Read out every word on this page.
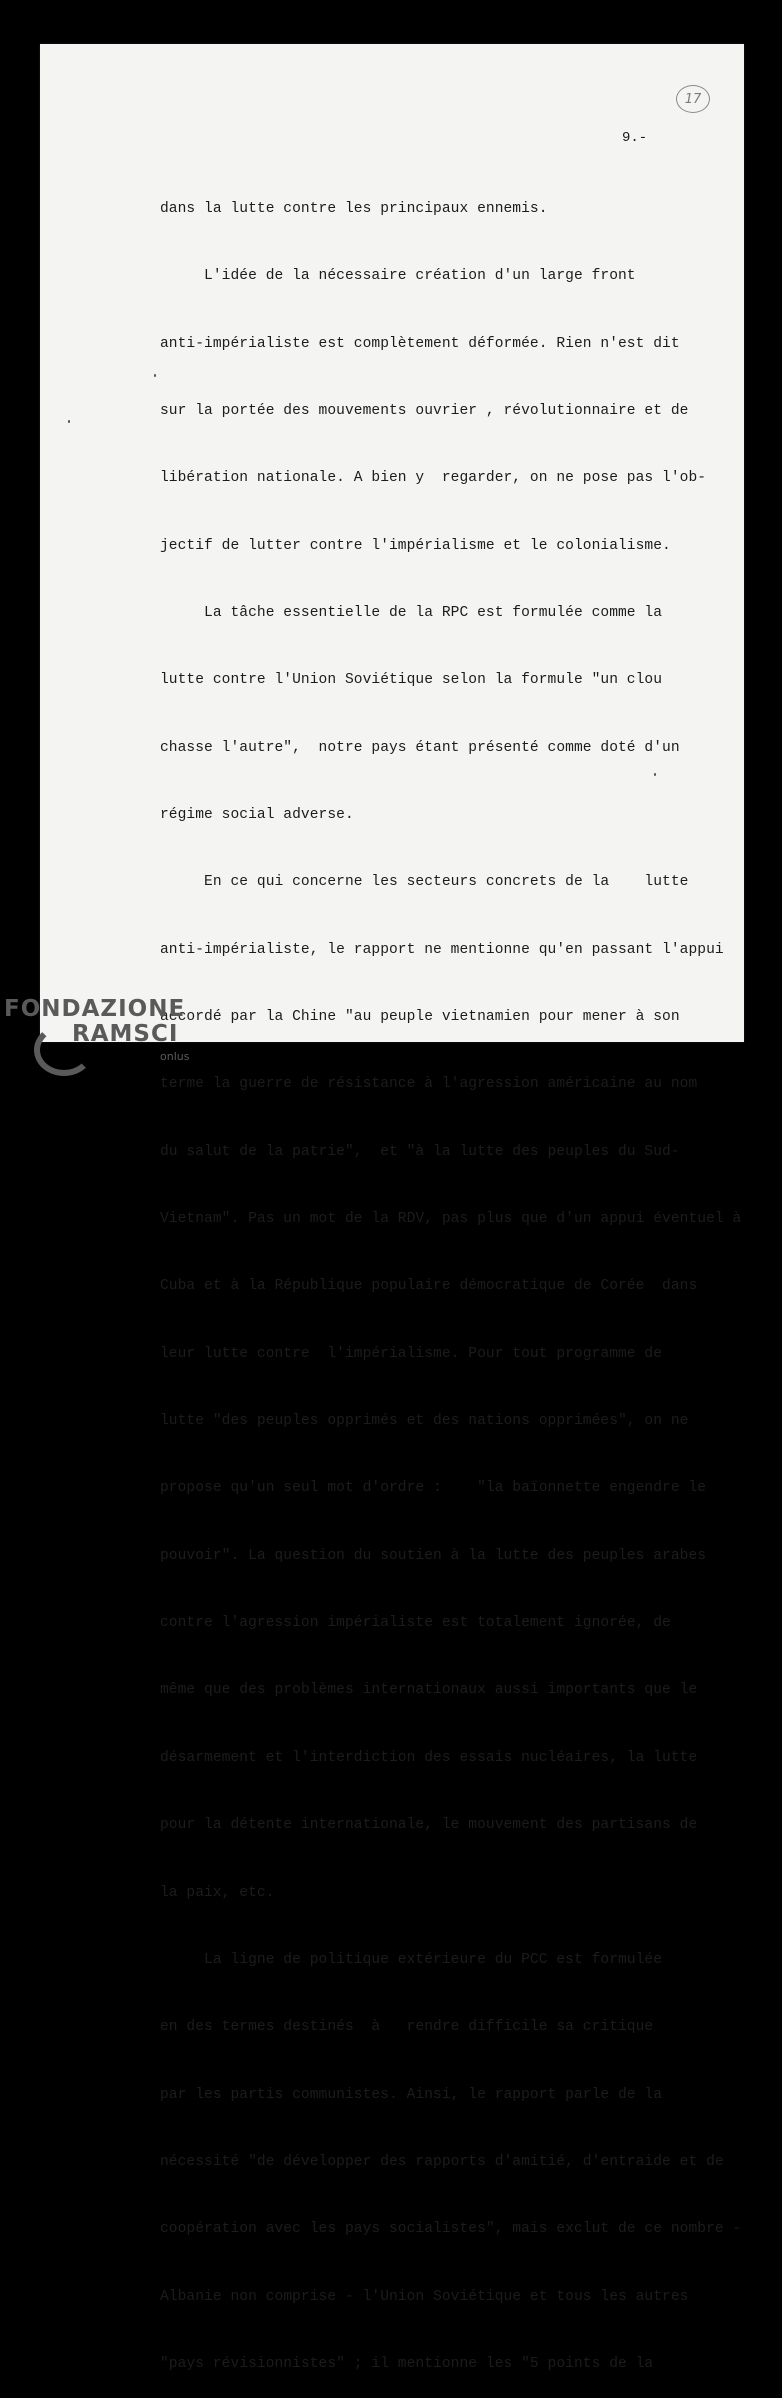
17
9.-

dans la lutte contre les principaux ennemis.

L'idée de la nécessaire création d'un large front

anti-impérialiste est complètement déformée. Rien n'est dit

sur la portée des mouvements ouvrier , révolutionnaire et de

libération nationale. A bien y  regarder, on ne pose pas l'ob-

jectif de lutter contre l'impérialisme et le colonialisme.

La tâche essentielle de la RPC est formulée comme la

lutte contre l'Union Soviétique selon la formule "un clou

chasse l'autre",  notre pays étant présenté comme doté d'un

régime social adverse.

En ce qui concerne les secteurs concrets de la    lutte

anti-impérialiste, le rapport ne mentionne qu'en passant l'appui

accordé par la Chine "au peuple vietnamien pour mener à son

terme la guerre de résistance à l'agression américaine au nom

du salut de la patrie",  et "à la lutte des peuples du Sud-

Vietnam". Pas un mot de la RDV, pas plus que d'un appui éventuel à

Cuba et à la République populaire démocratique de Corée  dans

leur lutte contre  l'impérialisme. Pour tout programme de

lutte "des peuples opprimés et des nations opprimées", on ne

propose qu'un seul mot d'ordre :    "la baïonnette engendre le

pouvoir". La question du soutien à la lutte des peuples arabes

contre l'agression impérialiste est totalement ignorée, de

même que des problèmes internationaux aussi importants que le

désarmement et l'interdiction des essais nucléaires, la lutte

pour la détente internationale, le mouvement des partisans de

la paix, etc.

La ligne de politique extérieure du PCC est formulée

en des termes destinés  à   rendre difficile sa critique

par les partis communistes. Ainsi, le rapport parle de la

nécessité "de développer des rapports d'amitié, d'entraide et de

coopération avec les pays socialistes", mais exclut de ce nombre -

Albanie non comprise - l'Union Soviétique et tous les autres

"pays révisionnistes" ; il mentionne les "5 points de la

FONDAZIONE
RAMSCI
onlus
